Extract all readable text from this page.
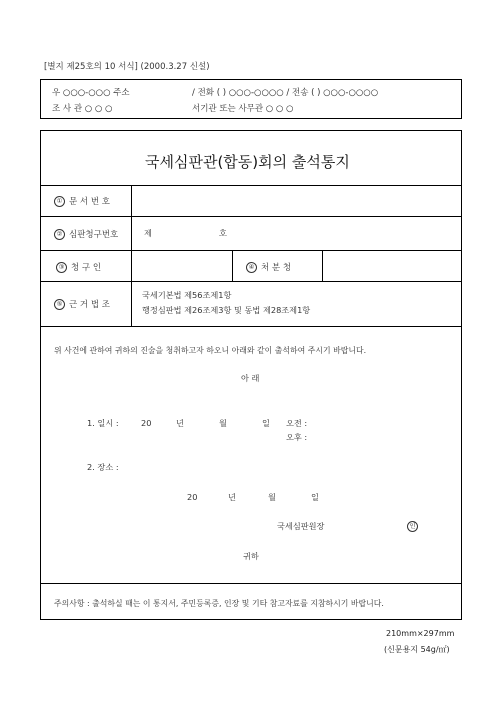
[별지 제25호의 10 서식] (2000.3.27 신설)
우 ○○○-○○○ 주소	/ 전화 ( ) ○○○-○○○○ / 전송 ( ) ○○○-○○○○
조 사 관 ○ ○ ○	서기관 또는 사무관 ○ ○ ○
국세심판관(합동)회의 출석통지
① 문 서 번 호
② 심판청구번호	제	호
③ 청 구 인	④ 처 분 청
⑤ 근 거 법 조
국세기본법 제56조제1항
행정심판법 제26조제3항 및 동법 제28조제1항
위 사건에 관하여 귀하의 진술을 청취하고자 하오니 아래와 같이 출석하여 주시기 바랍니다.
아 래
1. 일시 :	20	년	월	일 오전 :
오후 :
2. 장소 :
20	년	월	일
국세심판원장	인
귀하
주의사항 : 출석하실 때는 이 통지서, 주민등록증, 인장 및 기타 참고자료를 지참하시기 바랍니다.
210mm×297mm
(신문용지 54g/㎡)
